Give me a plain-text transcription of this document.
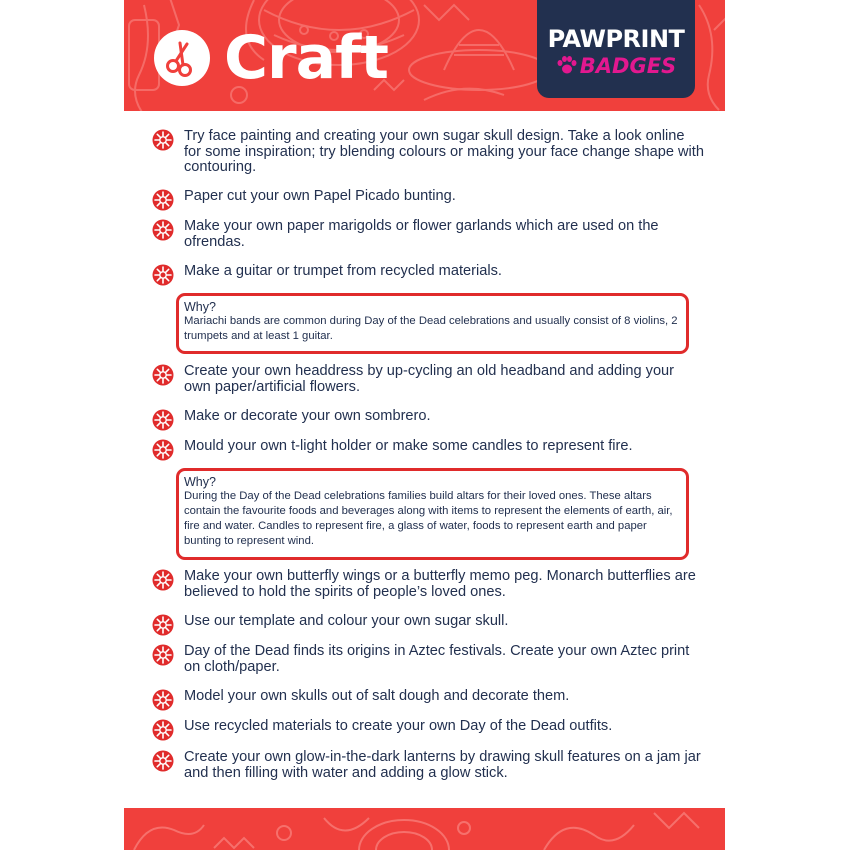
Craft	PAWPRINT
BADGES
Try face painting and creating your own sugar skull design. Take a look online for some inspiration; try blending colours or making your face change shape with contouring.
Paper cut your own Papel Picado bunting.
Make your own paper marigolds or flower garlands which are used on the ofrendas.
Make a guitar or trumpet from recycled materials.
Why?
Mariachi bands are common during Day of the Dead celebrations and usually consist of 8 violins, 2 trumpets and at least 1 guitar.
Create your own headdress by up-cycling an old headband and adding your own paper/artificial flowers.
Make or decorate your own sombrero.
Mould your own t-light holder or make some candles to represent fire.
Why?
During the Day of the Dead celebrations families build altars for their loved ones. These altars contain the favourite foods and beverages along with items to represent the elements of earth, air, fire and water. Candles to represent fire, a glass of water, foods to represent earth and paper bunting to represent wind.
Make your own butterfly wings or a butterfly memo peg. Monarch butterflies are believed to hold the spirits of people’s loved ones.
Use our template and colour your own sugar skull.
Day of the Dead finds its origins in Aztec festivals. Create your own Aztec print on cloth/paper.
Model your own skulls out of salt dough and decorate them.
Use recycled materials to create your own Day of the Dead outfits.
Create your own glow-in-the-dark lanterns by drawing skull features on a jam jar and then filling with water and adding a glow stick.
